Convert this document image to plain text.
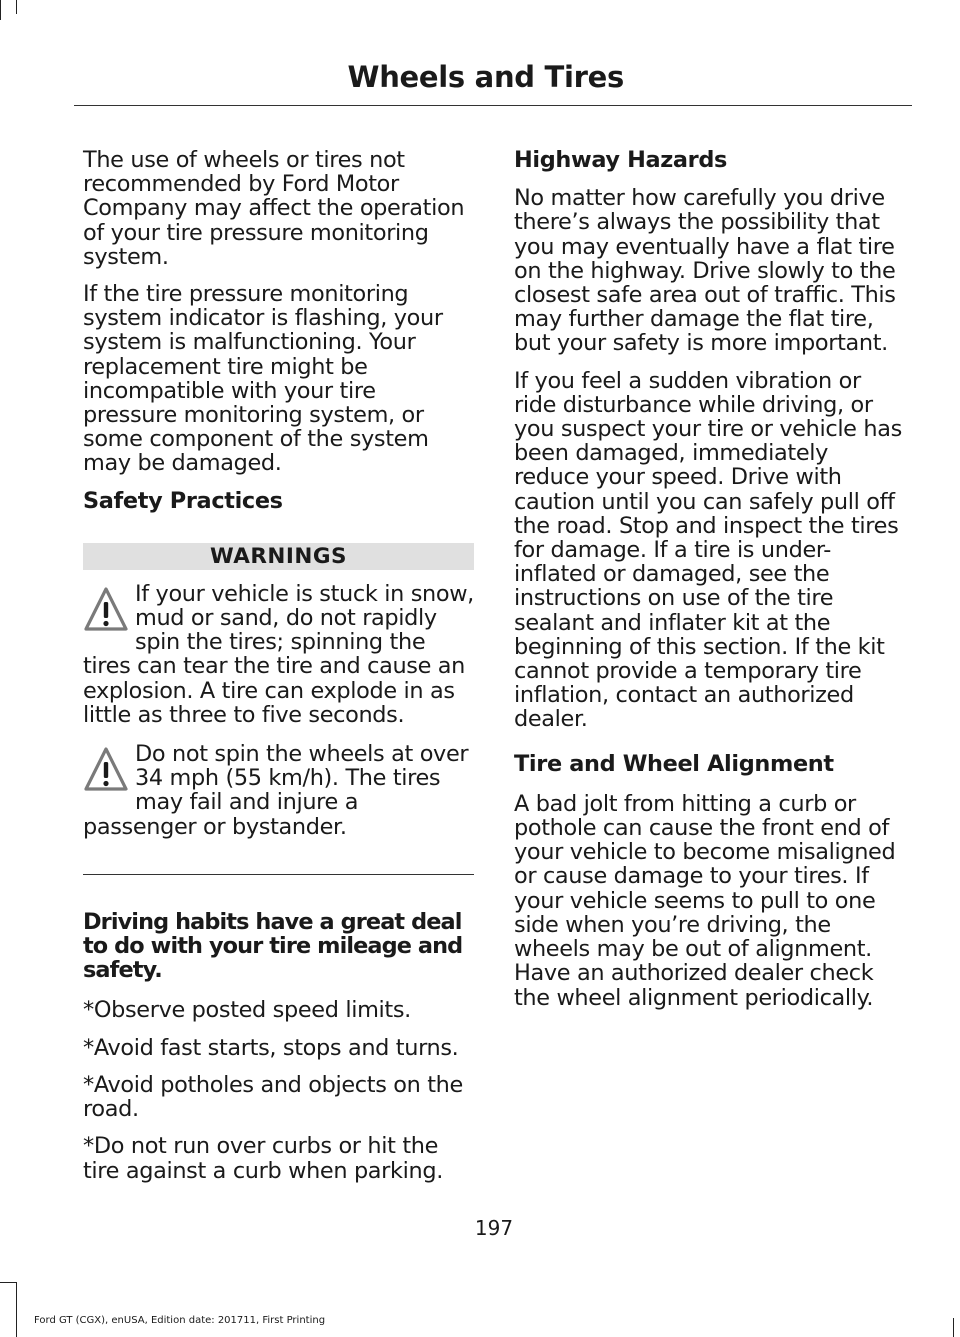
Wheels and Tires

The use of wheels or tires not recommended by Ford Motor Company may affect the operation of your tire pressure monitoring system.

If the tire pressure monitoring system indicator is flashing, your system is malfunctioning. Your replacement tire might be incompatible with your tire pressure monitoring system, or some component of the system may be damaged.

Safety Practices
WARNINGS
If your vehicle is stuck in snow, mud or sand, do not rapidly spin the tires; spinning the tires can tear the tire and cause an explosion. A tire can explode in as little as three to five seconds.
Do not spin the wheels at over 34 mph (55 km/h). The tires may fail and injure a passenger or bystander.
Driving habits have a great deal to do with your tire mileage and safety.

*Observe posted speed limits.

*Avoid fast starts, stops and turns.

*Avoid potholes and objects on the road.

*Do not run over curbs or hit the tire against a curb when parking.

Highway Hazards

No matter how carefully you drive there’s always the possibility that you may eventually have a flat tire on the highway. Drive slowly to the closest safe area out of traffic. This may further damage the flat tire, but your safety is more important.

If you feel a sudden vibration or ride disturbance while driving, or you suspect your tire or vehicle has been damaged, immediately reduce your speed. Drive with caution until you can safely pull off the road. Stop and inspect the tires for damage. If a tire is under-inflated or damaged, see the instructions on use of the tire sealant and inflater kit at the beginning of this section. If the kit cannot provide a temporary tire inflation, contact an authorized dealer.

Tire and Wheel Alignment

A bad jolt from hitting a curb or pothole can cause the front end of your vehicle to become misaligned or cause damage to your tires. If your vehicle seems to pull to one side when you’re driving, the wheels may be out of alignment. Have an authorized dealer check the wheel alignment periodically.

197
Ford GT (CGX), enUSA, Edition date: 201711, First Printing
